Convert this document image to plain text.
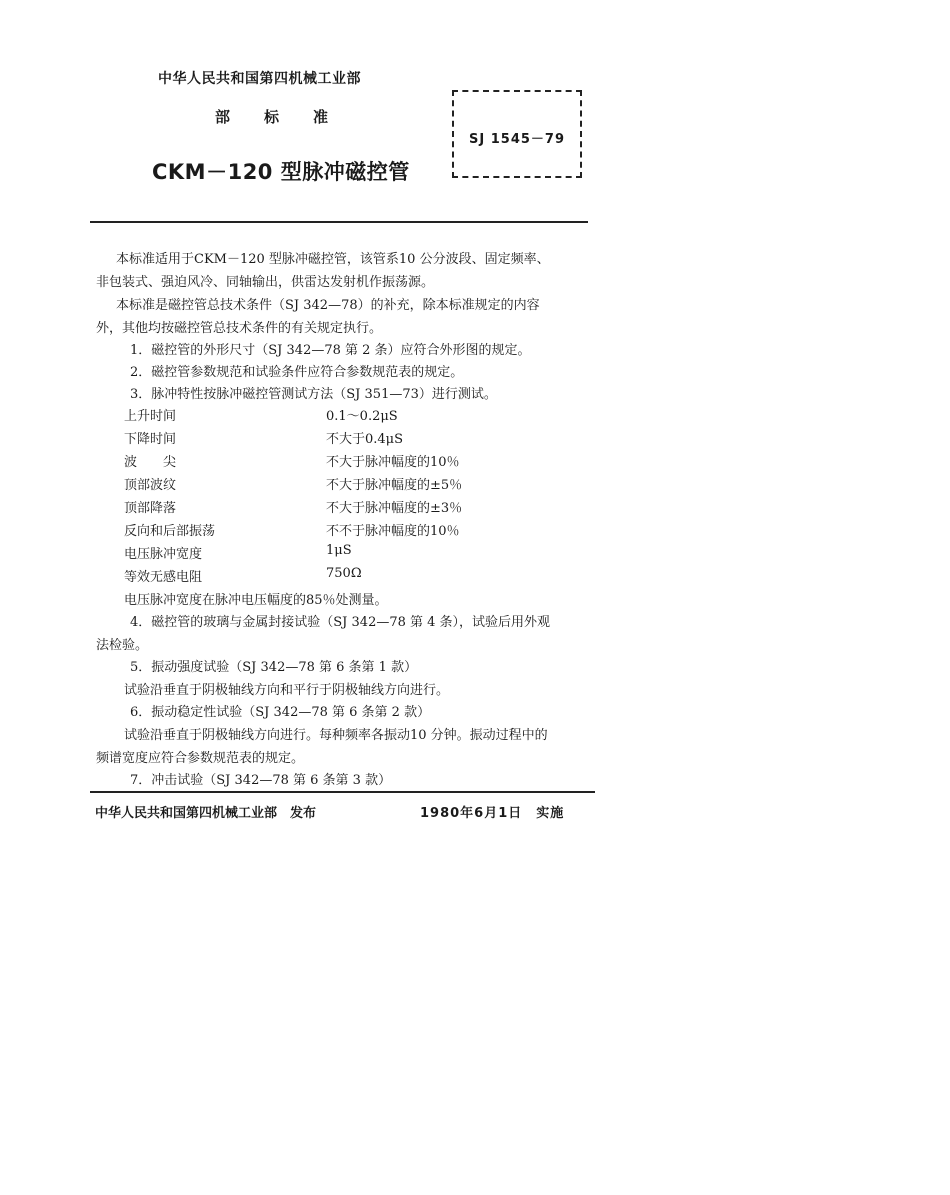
中华人民共和国第四机械工业部
部标准
CKM－120 型脉冲磁控管
SJ 1545－79
本标准适用于CKM－120 型脉冲磁控管，该管系10 公分波段、固定频率、
非包装式、强迫风冷、同轴输出，供雷达发射机作振荡源。
本标准是磁控管总技术条件（SJ 342—78）的补充，除本标准规定的内容
外，其他均按磁控管总技术条件的有关规定执行。
1．磁控管的外形尺寸（SJ 342—78 第 2 条）应符合外形图的规定。
2．磁控管参数规范和试验条件应符合参数规范表的规定。
3．脉冲特性按脉冲磁控管测试方法（SJ 351—73）进行测试。
上升时间	0.1～0.2μS
下降时间	不大于0.4μS
波　　尖	不大于脉冲幅度的10％
顶部波纹	不大于脉冲幅度的±5％
顶部降落	不大于脉冲幅度的±3％
反向和后部振荡	不不于脉冲幅度的10％
电压脉冲宽度	1μS
等效无感电阻	750Ω
电压脉冲宽度在脉冲电压幅度的85％处测量。
4．磁控管的玻璃与金属封接试验（SJ 342—78 第 4 条），试验后用外观
法检验。
5．振动强度试验（SJ 342—78 第 6 条第 1 款）
试验沿垂直于阴极轴线方向和平行于阴极轴线方向进行。
6．振动稳定性试验（SJ 342—78 第 6 条第 2 款）
试验沿垂直于阴极轴线方向进行。每种频率各振动10 分钟。振动过程中的
频谱宽度应符合参数规范表的规定。
7．冲击试验（SJ 342—78 第 6 条第 3 款）
中华人民共和国第四机械工业部　发布	1980年6月1日　实施
